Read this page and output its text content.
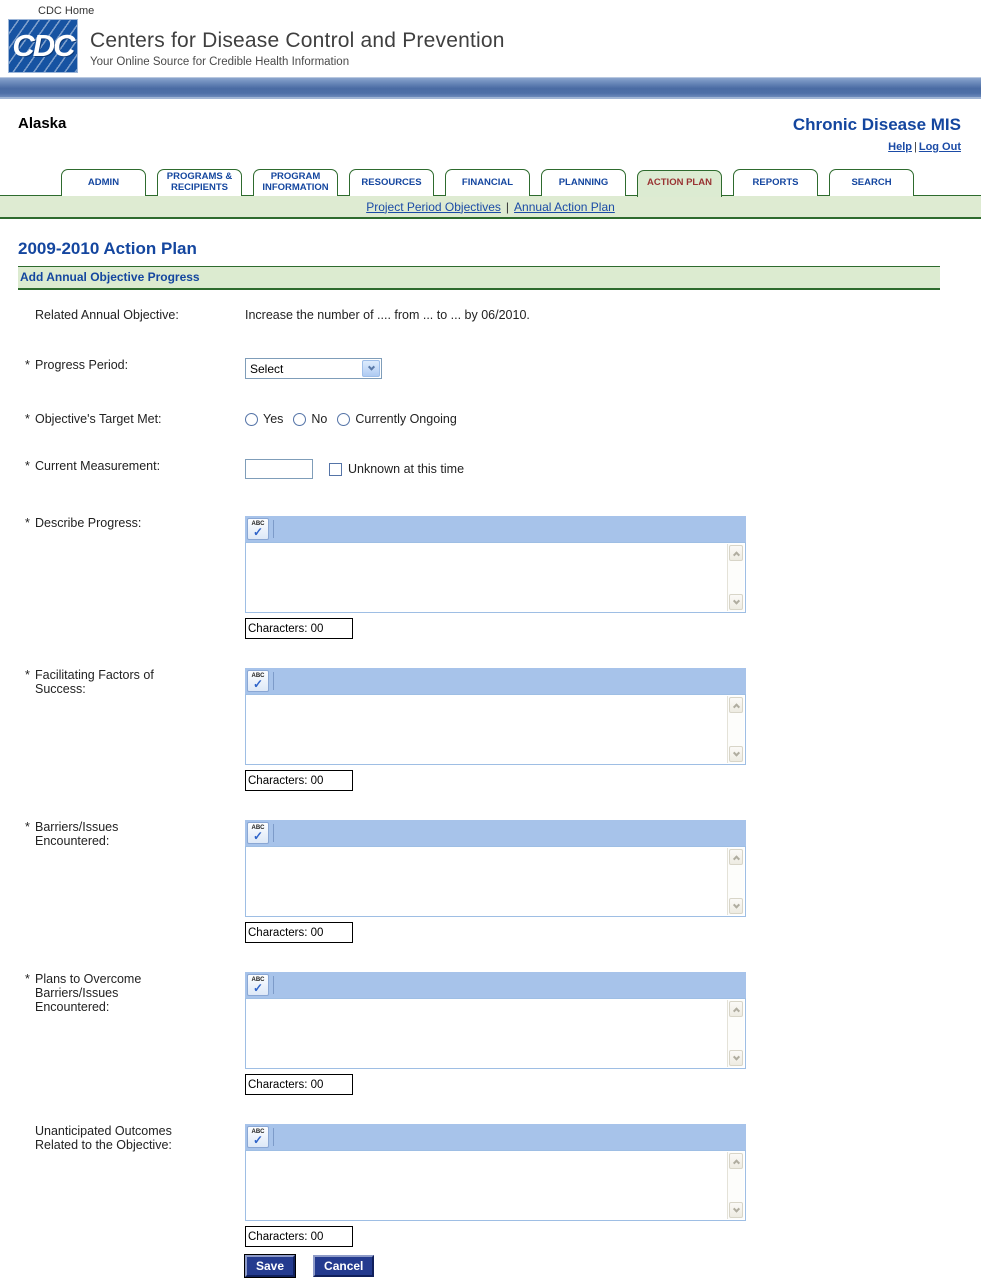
CDC Home
CDC Centers for Disease Control and Prevention
Your Online Source for Credible Health Information
Alaska	Chronic Disease MIS
Help | Log Out
ADMIN	PROGRAMS & RECIPIENTS
PROGRAM INFORMATION	RESOURCES	FINANCIAL	PLANNING	ACTION PLAN	REPORTS	SEARCH
Project Period Objectives | Annual Action Plan
2009-2010 Action Plan
Add Annual Objective Progress
Related Annual Objective:	Increase the number of .... from ... to ... by 06/2010.
* Progress Period:	Select
* Objective's Target Met:	Yes No Currently Ongoing
* Current Measurement:	Unknown at this time
* Describe Progress:	ABC
✓
Characters: 00
* Facilitating Factors of Success:
ABC
✓
Characters: 00
* Barriers/Issues Encountered:
ABC
✓
Characters: 00
* Plans to Overcome Barriers/Issues Encountered:
ABC
✓
Characters: 00
Unanticipated Outcomes Related to the Objective:
ABC
✓
Characters: 00
Save	Cancel
